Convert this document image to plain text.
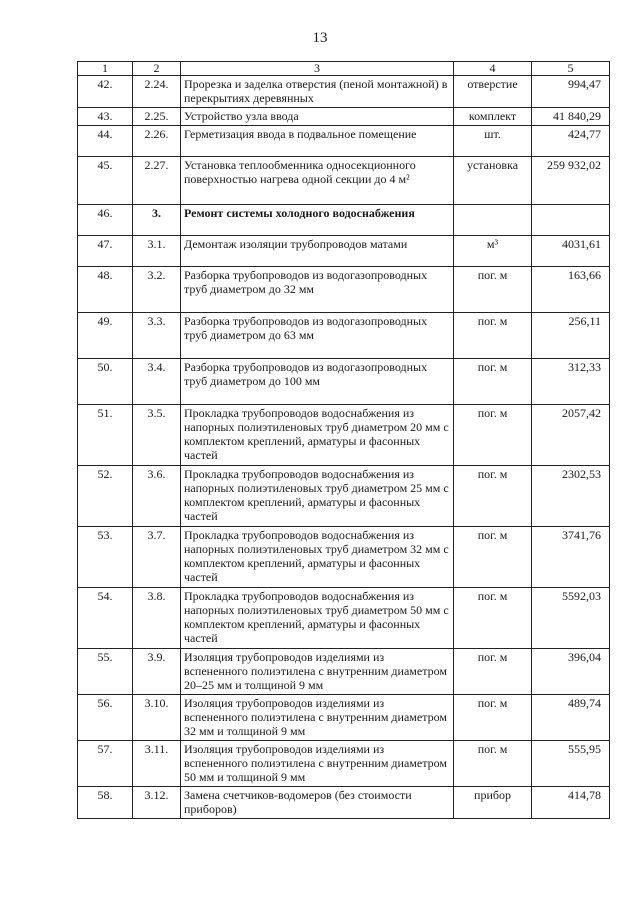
13
1	2	3	4	5
42.	2.24.	Прорезка и заделка отверстия (пеной монтажной) в перекрытиях деревянных	отверстие	994,47
43.	2.25.	Устройство узла ввода	комплект	41 840,29
44.	2.26.	Герметизация ввода в подвальное помещение	шт.	424,77
45.	2.27.	Установка теплообменника односекционного поверхностью нагрева одной секции до 4 м²	установка	259 932,02
46.	3.	Ремонт системы холодного водоснабжения		
47.	3.1.	Демонтаж изоляции трубопроводов матами	м³	4031,61
48.	3.2.	Разборка трубопроводов из водогазопроводных труб диаметром до 32 мм	пог. м	163,66
49.	3.3.	Разборка трубопроводов из водогазопроводных труб диаметром до 63 мм	пог. м	256,11
50.	3.4.	Разборка трубопроводов из водогазопроводных труб диаметром до 100 мм	пог. м	312,33
51.	3.5.	Прокладка трубопроводов водоснабжения из напорных полиэтиленовых труб диаметром 20 мм с комплектом креплений, арматуры и фасонных частей	пог. м	2057,42
52.	3.6.	Прокладка трубопроводов водоснабжения из напорных полиэтиленовых труб диаметром 25 мм с комплектом креплений, арматуры и фасонных частей	пог. м	2302,53
53.	3.7.	Прокладка трубопроводов водоснабжения из напорных полиэтиленовых труб диаметром 32 мм с комплектом креплений, арматуры и фасонных частей	пог. м	3741,76
54.	3.8.	Прокладка трубопроводов водоснабжения из напорных полиэтиленовых труб диаметром 50 мм с комплектом креплений, арматуры и фасонных частей	пог. м	5592,03
55.	3.9.	Изоляция трубопроводов изделиями из вспененного полиэтилена с внутренним диаметром 20–25 мм и толщиной 9 мм	пог. м	396,04
56.	3.10.	Изоляция трубопроводов изделиями из вспененного полиэтилена с внутренним диаметром 32 мм и толщиной 9 мм	пог. м	489,74
57.	3.11.	Изоляция трубопроводов изделиями из вспененного полиэтилена с внутренним диаметром 50 мм и толщиной 9 мм	пог. м	555,95
58.	3.12.	Замена счетчиков-водомеров (без стоимости приборов)	прибор	414,78
